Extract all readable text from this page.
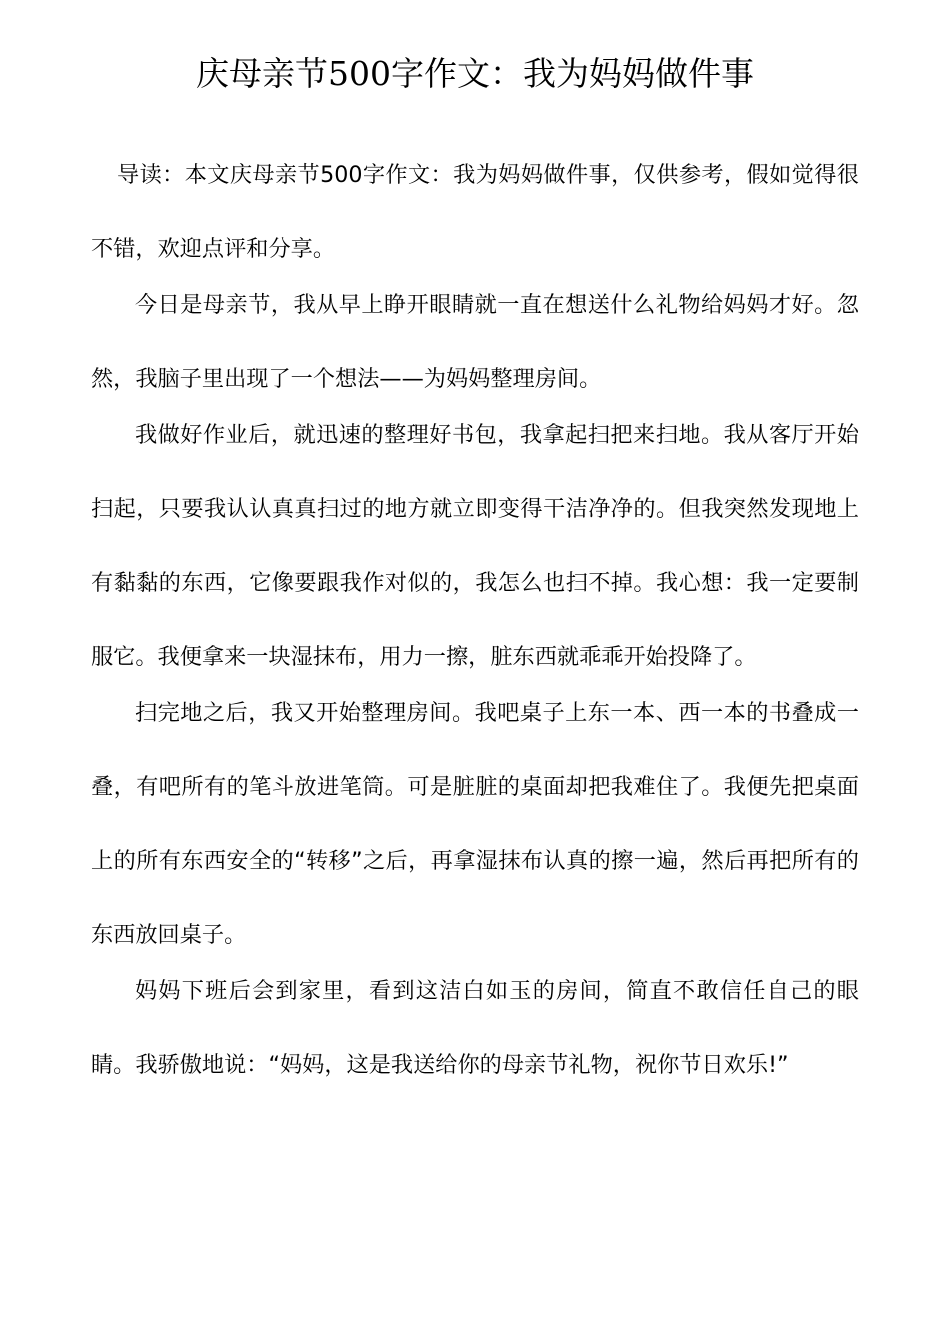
庆母亲节500字作文：我为妈妈做件事

导读：本文庆母亲节500字作文：我为妈妈做件事，仅供参考，假如觉得很不错，欢迎点评和分享。

今日是母亲节，我从早上睁开眼睛就一直在想送什么礼物给妈妈才好。忽然，我脑子里出现了一个想法——为妈妈整理房间。

我做好作业后，就迅速的整理好书包，我拿起扫把来扫地。我从客厅开始扫起，只要我认认真真扫过的地方就立即变得干洁净净的。但我突然发现地上有黏黏的东西，它像要跟我作对似的，我怎么也扫不掉。我心想：我一定要制服它。我便拿来一块湿抹布，用力一擦，脏东西就乖乖开始投降了。

扫完地之后，我又开始整理房间。我吧桌子上东一本、西一本的书叠成一叠，有吧所有的笔斗放进笔筒。可是脏脏的桌面却把我难住了。我便先把桌面上的所有东西安全的“转移”之后，再拿湿抹布认真的擦一遍，然后再把所有的东西放回桌子。

妈妈下班后会到家里，看到这洁白如玉的房间，简直不敢信任自己的眼睛。我骄傲地说：“妈妈，这是我送给你的母亲节礼物，祝你节日欢乐!”
